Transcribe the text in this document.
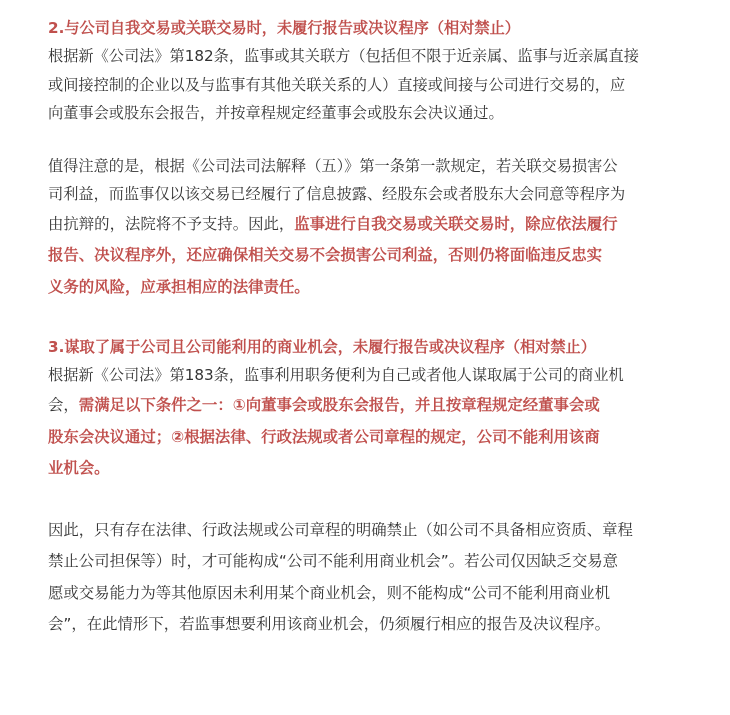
2.与公司自我交易或关联交易时，未履行报告或决议程序（相对禁止）
根据新《公司法》第182条，监事或其关联方（包括但不限于近亲属、监事与近亲属直接
或间接控制的企业以及与监事有其他关联关系的人）直接或间接与公司进行交易的，应
向董事会或股东会报告，并按章程规定经董事会或股东会决议通过。
值得注意的是，根据《公司法司法解释（五）》第一条第一款规定，若关联交易损害公
司利益，而监事仅以该交易已经履行了信息披露、经股东会或者股东大会同意等程序为
由抗辩的，法院将不予支持。因此，监事进行自我交易或关联交易时，除应依法履行
报告、决议程序外，还应确保相关交易不会损害公司利益，否则仍将面临违反忠实
义务的风险，应承担相应的法律责任。
3.谋取了属于公司且公司能利用的商业机会，未履行报告或决议程序（相对禁止）
根据新《公司法》第183条，监事利用职务便利为自己或者他人谋取属于公司的商业机
会，需满足以下条件之一：①向董事会或股东会报告，并且按章程规定经董事会或
股东会决议通过；②根据法律、行政法规或者公司章程的规定，公司不能利用该商
业机会。
因此，只有存在法律、行政法规或公司章程的明确禁止（如公司不具备相应资质、章程
禁止公司担保等）时，才可能构成“公司不能利用商业机会”。若公司仅因缺乏交易意
愿或交易能力为等其他原因未利用某个商业机会，则不能构成“公司不能利用商业机
会”，在此情形下，若监事想要利用该商业机会，仍须履行相应的报告及决议程序。
